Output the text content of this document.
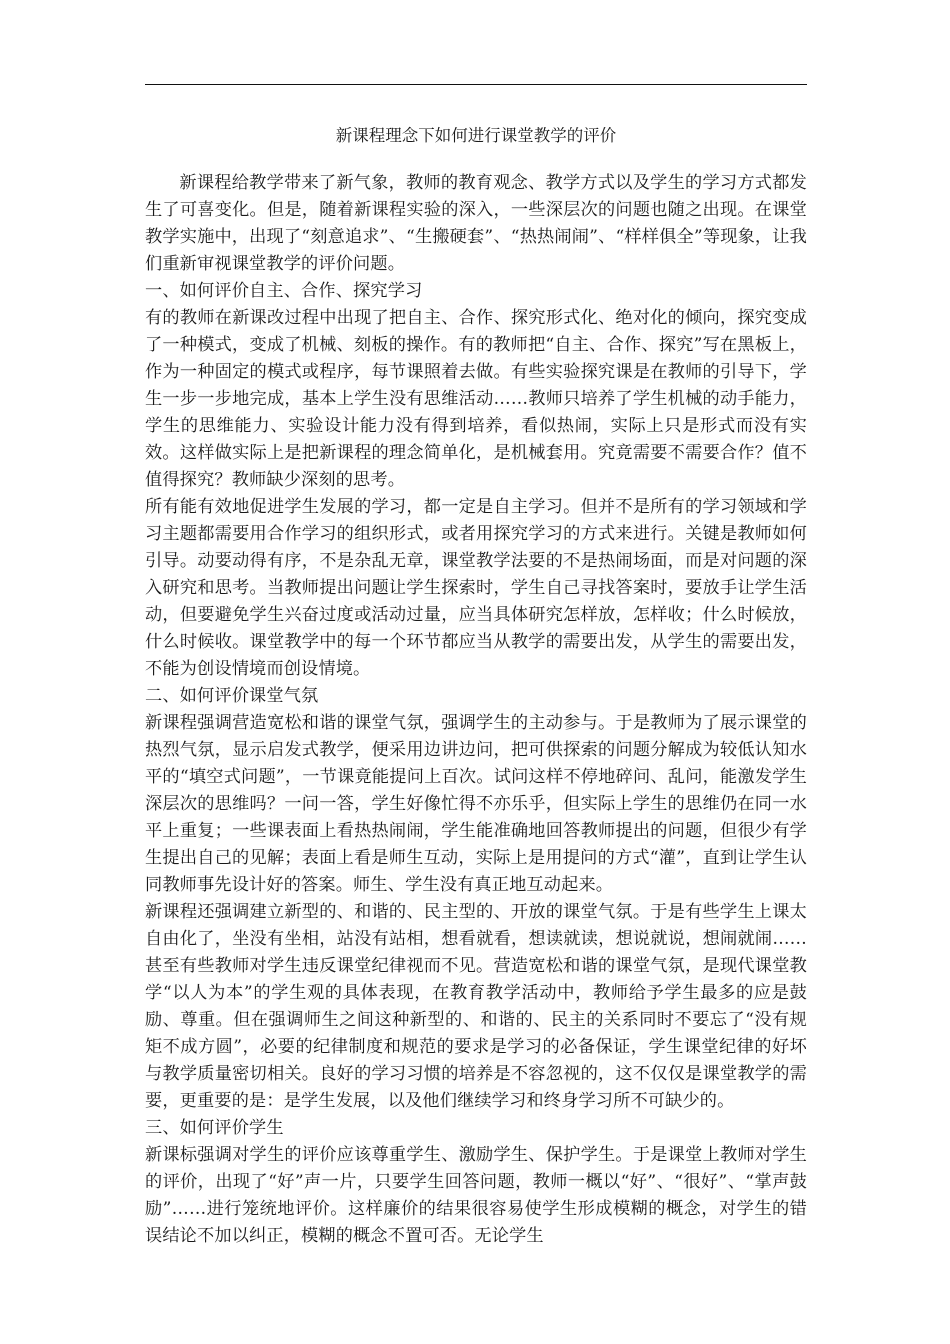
新课程理念下如何进行课堂教学的评价

新课程给教学带来了新气象，教师的教育观念、教学方式以及学生的学习方式都发生了可喜变化。但是，随着新课程实验的深入，一些深层次的问题也随之出现。在课堂教学实施中，出现了“刻意追求”、“生搬硬套”、“热热闹闹”、“样样俱全”等现象，让我们重新审视课堂教学的评价问题。

一、如何评价自主、合作、探究学习

有的教师在新课改过程中出现了把自主、合作、探究形式化、绝对化的倾向，探究变成了一种模式，变成了机械、刻板的操作。有的教师把“自主、合作、探究”写在黑板上，作为一种固定的模式或程序，每节课照着去做。有些实验探究课是在教师的引导下，学生一步一步地完成，基本上学生没有思维活动……教师只培养了学生机械的动手能力，学生的思维能力、实验设计能力没有得到培养，看似热闹，实际上只是形式而没有实效。这样做实际上是把新课程的理念简单化，是机械套用。究竟需要不需要合作？值不值得探究？教师缺少深刻的思考。

所有能有效地促进学生发展的学习，都一定是自主学习。但并不是所有的学习领域和学习主题都需要用合作学习的组织形式，或者用探究学习的方式来进行。关键是教师如何引导。动要动得有序，不是杂乱无章，课堂教学法要的不是热闹场面，而是对问题的深入研究和思考。当教师提出问题让学生探索时，学生自己寻找答案时，要放手让学生活动，但要避免学生兴奋过度或活动过量，应当具体研究怎样放，怎样收；什么时候放，什么时候收。课堂教学中的每一个环节都应当从教学的需要出发，从学生的需要出发，不能为创设情境而创设情境。

二、如何评价课堂气氛

新课程强调营造宽松和谐的课堂气氛，强调学生的主动参与。于是教师为了展示课堂的热烈气氛，显示启发式教学，便采用边讲边问，把可供探索的问题分解成为较低认知水平的“填空式问题”，一节课竟能提问上百次。试问这样不停地碎问、乱问，能激发学生深层次的思维吗？一问一答，学生好像忙得不亦乐乎，但实际上学生的思维仍在同一水平上重复；一些课表面上看热热闹闹，学生能准确地回答教师提出的问题，但很少有学生提出自己的见解；表面上看是师生互动，实际上是用提问的方式“灌”，直到让学生认同教师事先设计好的答案。师生、学生没有真正地互动起来。

新课程还强调建立新型的、和谐的、民主型的、开放的课堂气氛。于是有些学生上课太自由化了，坐没有坐相，站没有站相，想看就看，想读就读，想说就说，想闹就闹……甚至有些教师对学生违反课堂纪律视而不见。营造宽松和谐的课堂气氛，是现代课堂教学“以人为本”的学生观的具体表现，在教育教学活动中，教师给予学生最多的应是鼓励、尊重。但在强调师生之间这种新型的、和谐的、民主的关系同时不要忘了“没有规矩不成方圆”，必要的纪律制度和规范的要求是学习的必备保证，学生课堂纪律的好坏与教学质量密切相关。良好的学习习惯的培养是不容忽视的，这不仅仅是课堂教学的需要，更重要的是：是学生发展，以及他们继续学习和终身学习所不可缺少的。

三、如何评价学生

新课标强调对学生的评价应该尊重学生、激励学生、保护学生。于是课堂上教师对学生的评价，出现了“好”声一片，只要学生回答问题，教师一概以“好”、“很好”、“掌声鼓励”……进行笼统地评价。这样廉价的结果很容易使学生形成模糊的概念，对学生的错误结论不加以纠正，模糊的概念不置可否。无论学生
